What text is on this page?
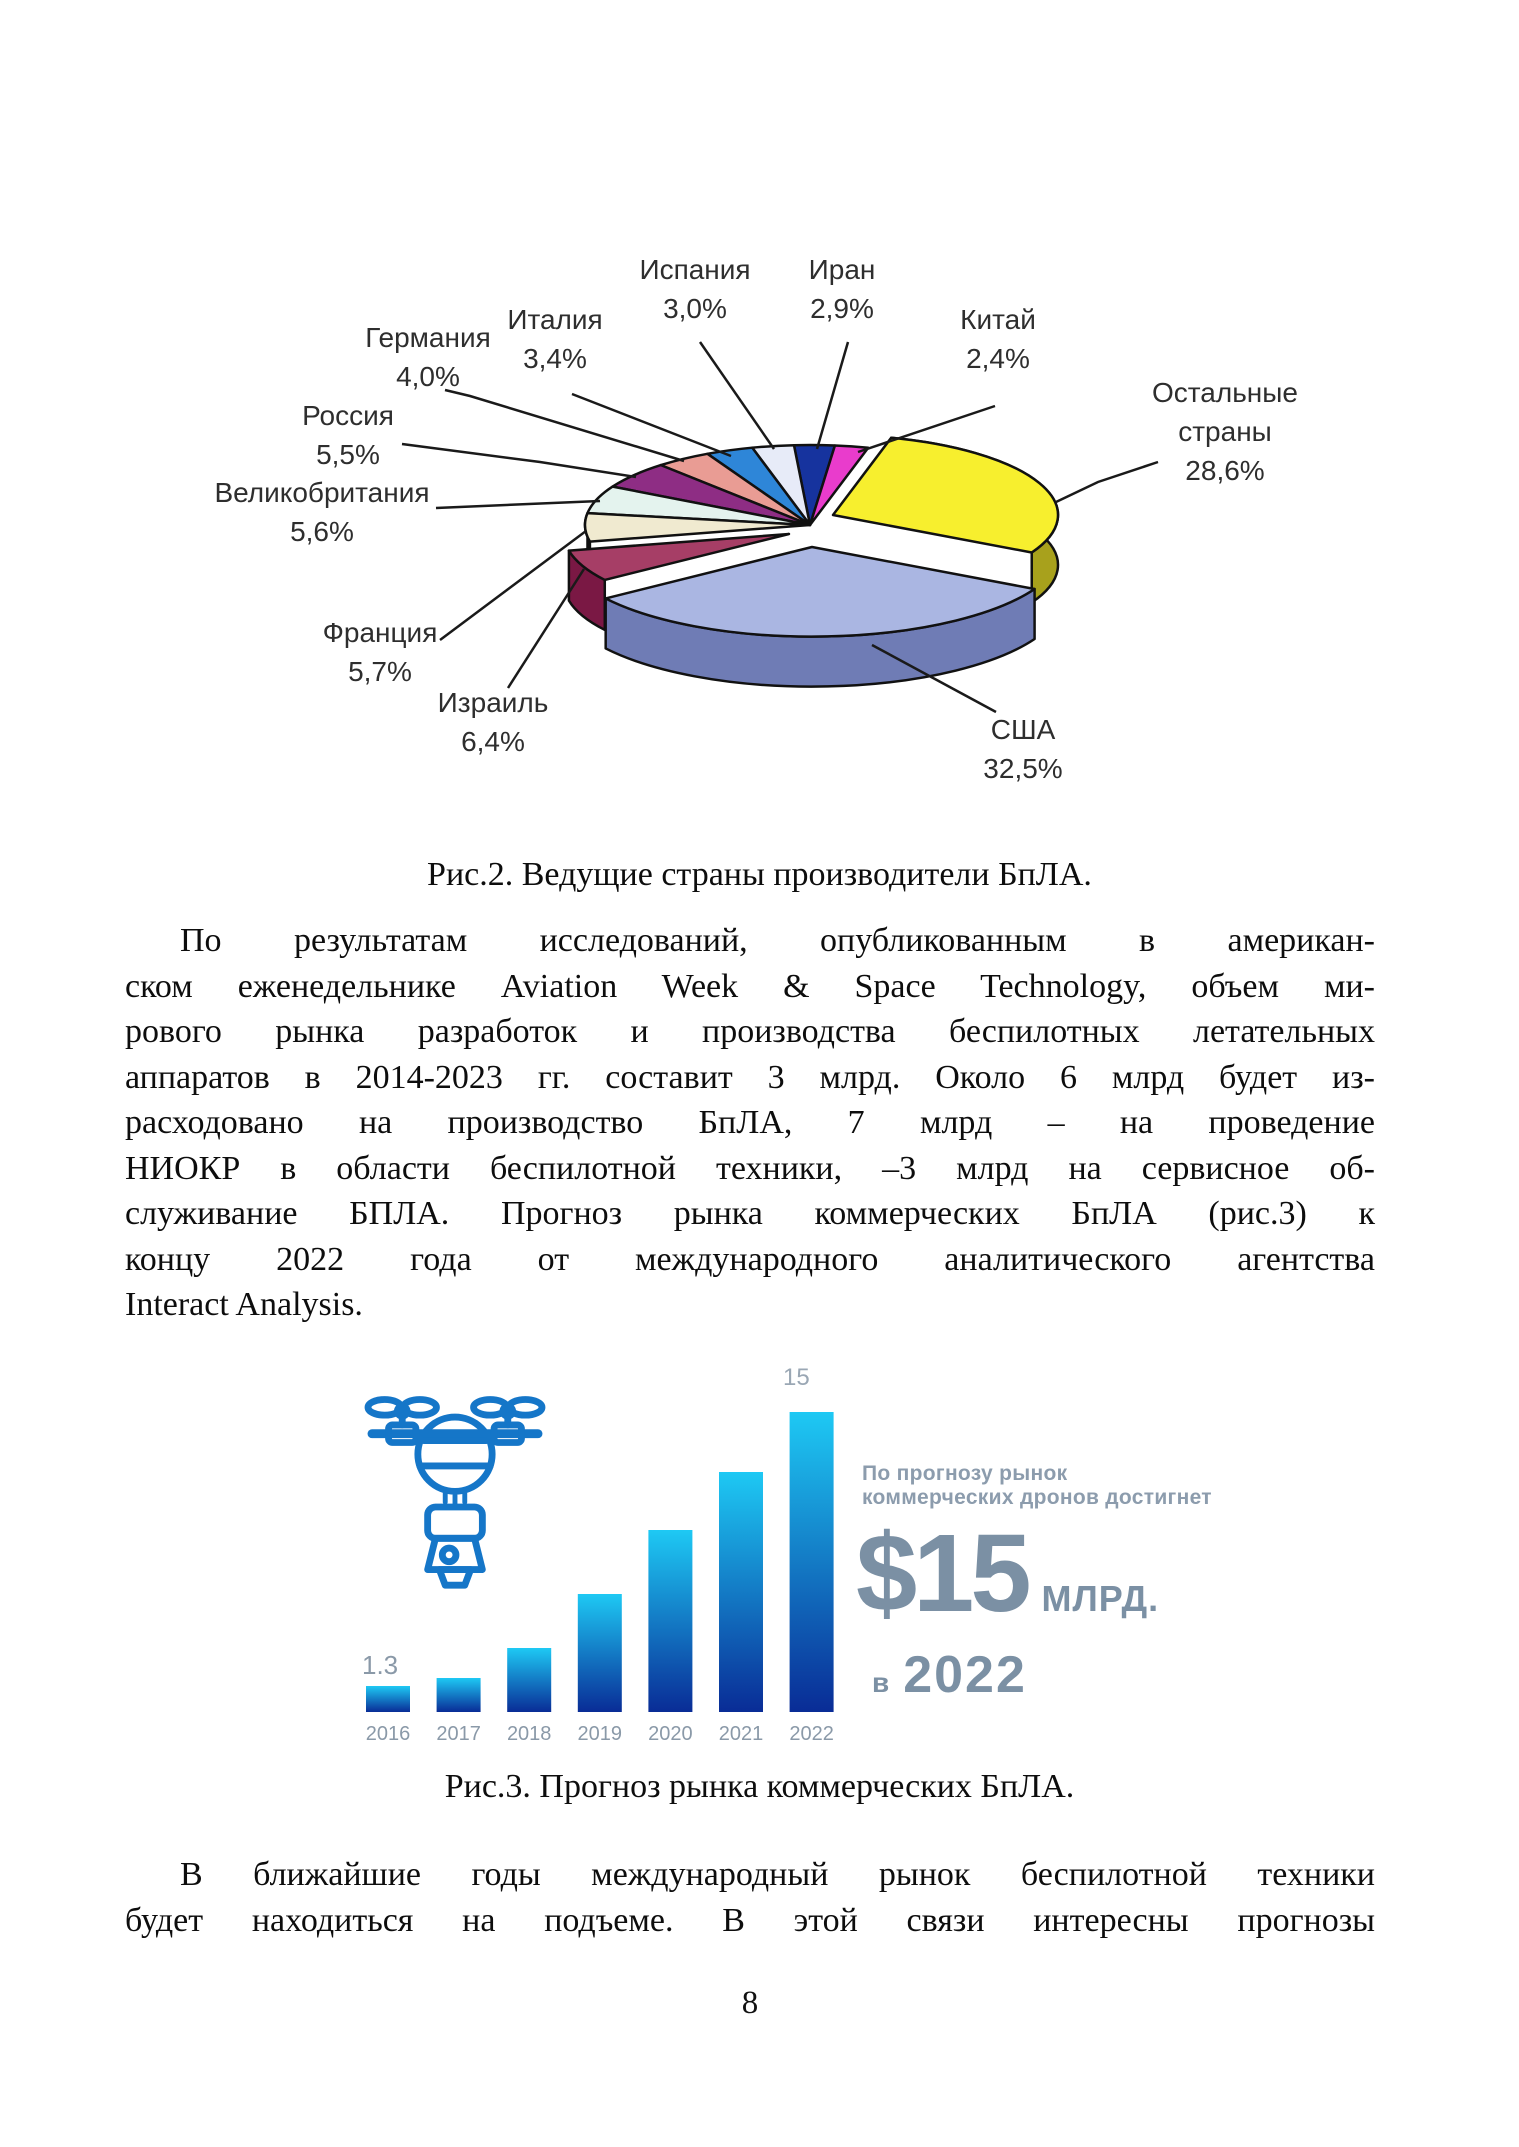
Италия
3,4%
Испания
3,0%
Иран
2,9%	Китай
2,4%
Германия
4,0%
Россия
5,5%
Великобритания
5,6%
Франция
5,7%
Израиль
6,4%
Остальные страны
28,6%
США
32,5%
Рис.2. Ведущие страны производители БпЛА.
По результатам исследований, опубликованным в американ-
ском еженедельнике Aviation Week & Space Technology, объем ми-
рового рынка разработок и производства беспилотных летательных
аппаратов в 2014-2023 гг. составит 3 млрд. Около 6 млрд будет из-
расходовано на производство БпЛА, 7 млрд – на проведение
НИОКР в области беспилотной техники, –3 млрд на сервисное об-
служивание БПЛА. Прогноз рынка коммерческих БпЛА (рис.3) к
концу 2022 года от международного аналитического агентства
Interact Analysis.
2016 2017 2018 2019 2020 2021 2022
1.3
15
По прогнозу рынок
коммерческих дронов достигнет
$15 МЛРД.
в 2022
Рис.3. Прогноз рынка коммерческих БпЛА.
В ближайшие годы международный рынок беспилотной техники
будет находиться на подъеме. В этой связи интересны прогнозы
8
